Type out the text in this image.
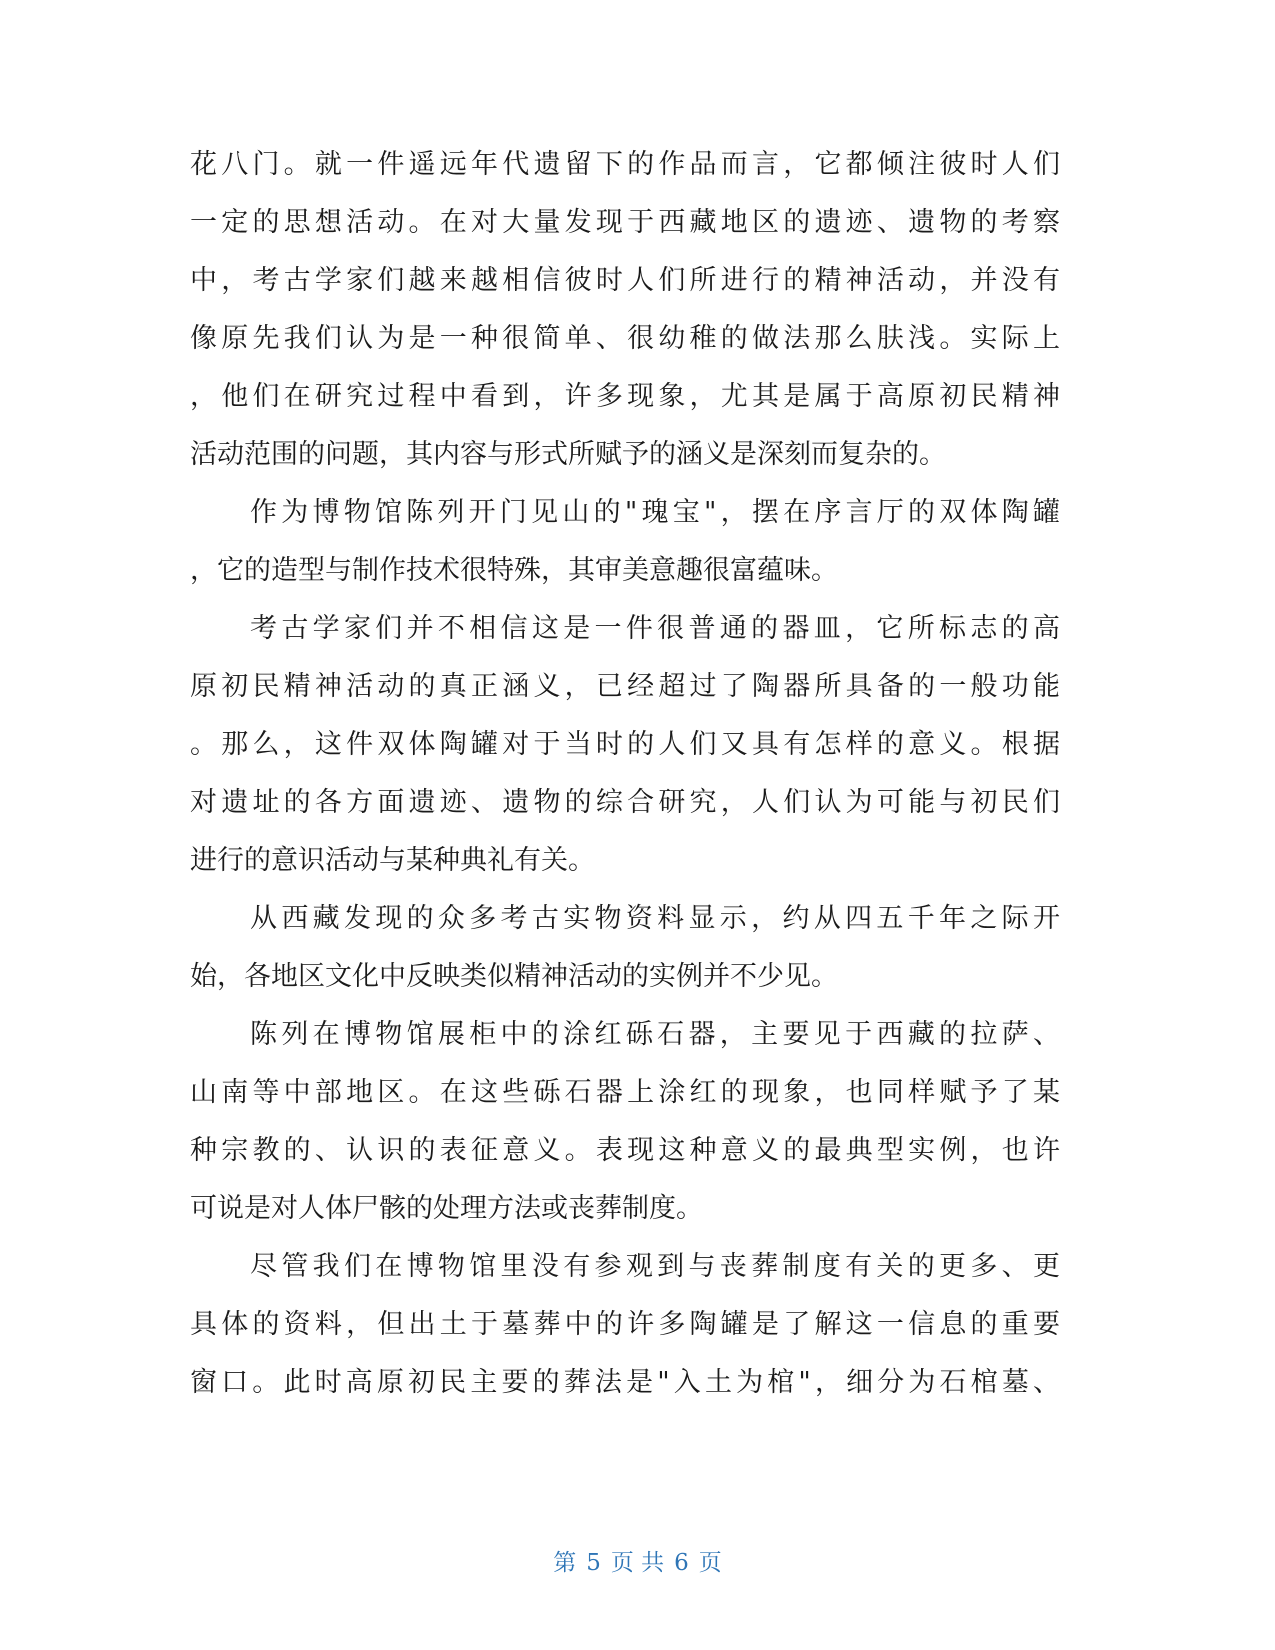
花八门。就一件遥远年代遗留下的作品而言，它都倾注彼时人们
一定的思想活动。在对大量发现于西藏地区的遗迹、遗物的考察
中，考古学家们越来越相信彼时人们所进行的精神活动，并没有
像原先我们认为是一种很简单、很幼稚的做法那么肤浅。实际上
，他们在研究过程中看到，许多现象，尤其是属于高原初民精神
活动范围的问题，其内容与形式所赋予的涵义是深刻而复杂的。
作为博物馆陈列开门见山的"瑰宝"，摆在序言厅的双体陶罐
，它的造型与制作技术很特殊，其审美意趣很富蕴味。
考古学家们并不相信这是一件很普通的器皿，它所标志的高
原初民精神活动的真正涵义，已经超过了陶器所具备的一般功能
。那么，这件双体陶罐对于当时的人们又具有怎样的意义。根据
对遗址的各方面遗迹、遗物的综合研究，人们认为可能与初民们
进行的意识活动与某种典礼有关。
从西藏发现的众多考古实物资料显示，约从四五千年之际开
始，各地区文化中反映类似精神活动的实例并不少见。
陈列在博物馆展柜中的涂红砾石器，主要见于西藏的拉萨、
山南等中部地区。在这些砾石器上涂红的现象，也同样赋予了某
种宗教的、认识的表征意义。表现这种意义的最典型实例，也许
可说是对人体尸骸的处理方法或丧葬制度。
尽管我们在博物馆里没有参观到与丧葬制度有关的更多、更
具体的资料，但出土于墓葬中的许多陶罐是了解这一信息的重要
窗口。此时高原初民主要的葬法是"入土为棺"，细分为石棺墓、
第 5 页 共 6 页
